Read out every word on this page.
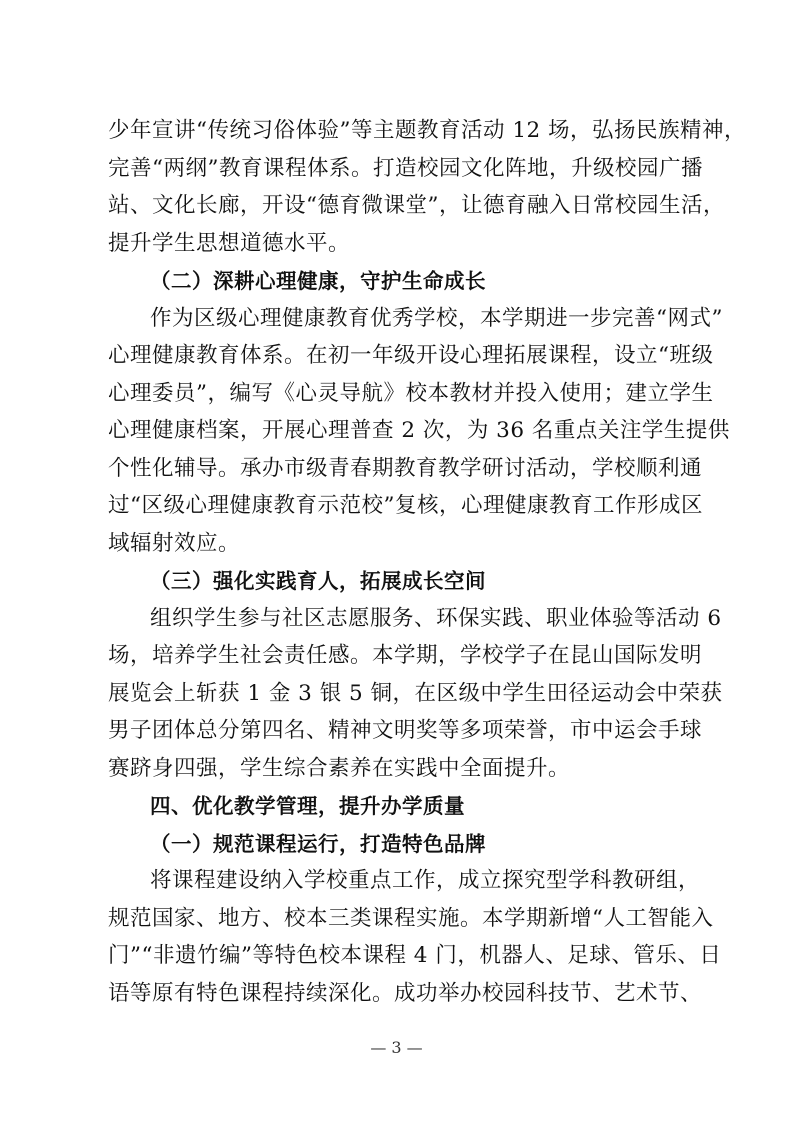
少年宣讲“传统习俗体验”等主题教育活动 12 场，弘扬民族精神，
完善“两纲”教育课程体系。打造校园文化阵地，升级校园广播
站、文化长廊，开设“德育微课堂”，让德育融入日常校园生活，
提升学生思想道德水平。
（二）深耕心理健康，守护生命成长
作为区级心理健康教育优秀学校，本学期进一步完善“网式”
心理健康教育体系。在初一年级开设心理拓展课程，设立“班级
心理委员”，编写《心灵导航》校本教材并投入使用；建立学生
心理健康档案，开展心理普查 2 次，为 36 名重点关注学生提供
个性化辅导。承办市级青春期教育教学研讨活动，学校顺利通
过“区级心理健康教育示范校”复核，心理健康教育工作形成区
域辐射效应。
（三）强化实践育人，拓展成长空间
组织学生参与社区志愿服务、环保实践、职业体验等活动 6
场，培养学生社会责任感。本学期，学校学子在昆山国际发明
展览会上斩获 1 金 3 银 5 铜，在区级中学生田径运动会中荣获
男子团体总分第四名、精神文明奖等多项荣誉，市中运会手球
赛跻身四强，学生综合素养在实践中全面提升。
四、优化教学管理，提升办学质量
（一）规范课程运行，打造特色品牌
将课程建设纳入学校重点工作，成立探究型学科教研组，
规范国家、地方、校本三类课程实施。本学期新增“人工智能入
门”“非遗竹编”等特色校本课程 4 门，机器人、足球、管乐、日
语等原有特色课程持续深化。成功举办校园科技节、艺术节、
— 3 —
